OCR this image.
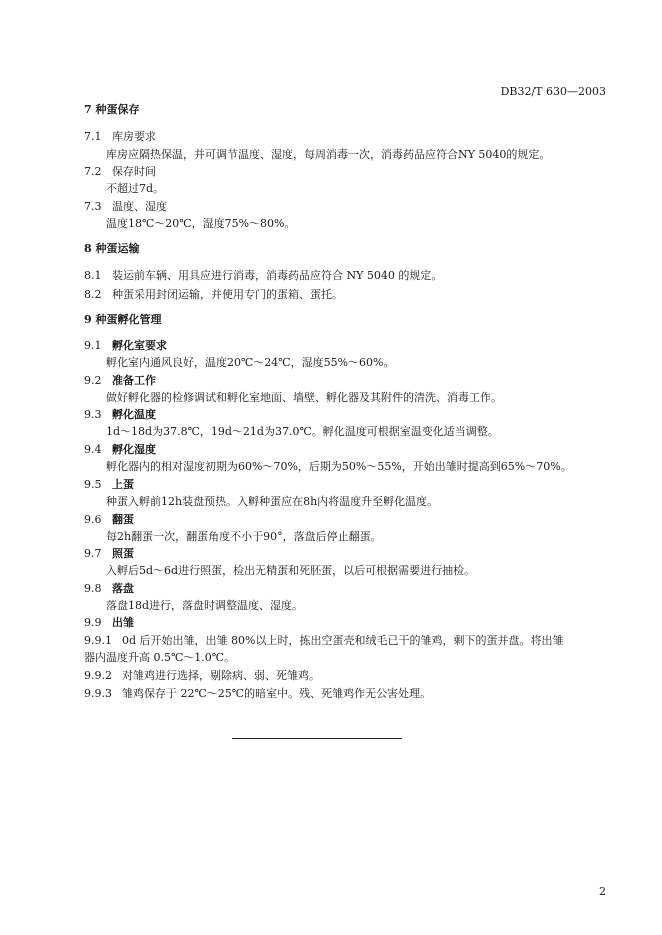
DB32/T 630—2003
7 种蛋保存
7.1 库房要求
库房应隔热保温，并可调节温度、湿度，每周消毒一次，消毒药品应符合NY 5040的规定。
7.2 保存时间
不超过7d。
7.3 温度、湿度
温度18℃～20℃，湿度75%～80%。
8 种蛋运输
8.1 装运前车辆、用具应进行消毒，消毒药品应符合 NY 5040 的规定。
8.2 种蛋采用封闭运输，并使用专门的蛋箱、蛋托。
9 种蛋孵化管理
9.1 孵化室要求
孵化室内通风良好，温度20℃～24℃，湿度55%～60%。
9.2 准备工作
做好孵化器的检修调试和孵化室地面、墙壁、孵化器及其附件的清洗、消毒工作。
9.3 孵化温度
1d～18d为37.8℃，19d～21d为37.0℃。孵化温度可根据室温变化适当调整。
9.4 孵化湿度
孵化器内的相对湿度初期为60%～70%，后期为50%～55%，开始出雏时提高到65%～70%。
9.5 上蛋
种蛋入孵前12h装盘预热。入孵种蛋应在8h内将温度升至孵化温度。
9.6 翻蛋
每2h翻蛋一次，翻蛋角度不小于90°，落盘后停止翻蛋。
9.7 照蛋
入孵后5d～6d进行照蛋，检出无精蛋和死胚蛋，以后可根据需要进行抽检。
9.8 落盘
落盘18d进行，落盘时调整温度、湿度。
9.9 出雏
9.9.1 0d 后开始出雏，出雏 80%以上时，拣出空蛋壳和绒毛已干的雏鸡，剩下的蛋并盘。将出雏
器内温度升高 0.5℃～1.0℃。
9.9.2 对雏鸡进行选择，剔除病、弱、死雏鸡。
9.9.3 雏鸡保存于 22℃～25℃的暗室中。残、死雏鸡作无公害处理。
2
